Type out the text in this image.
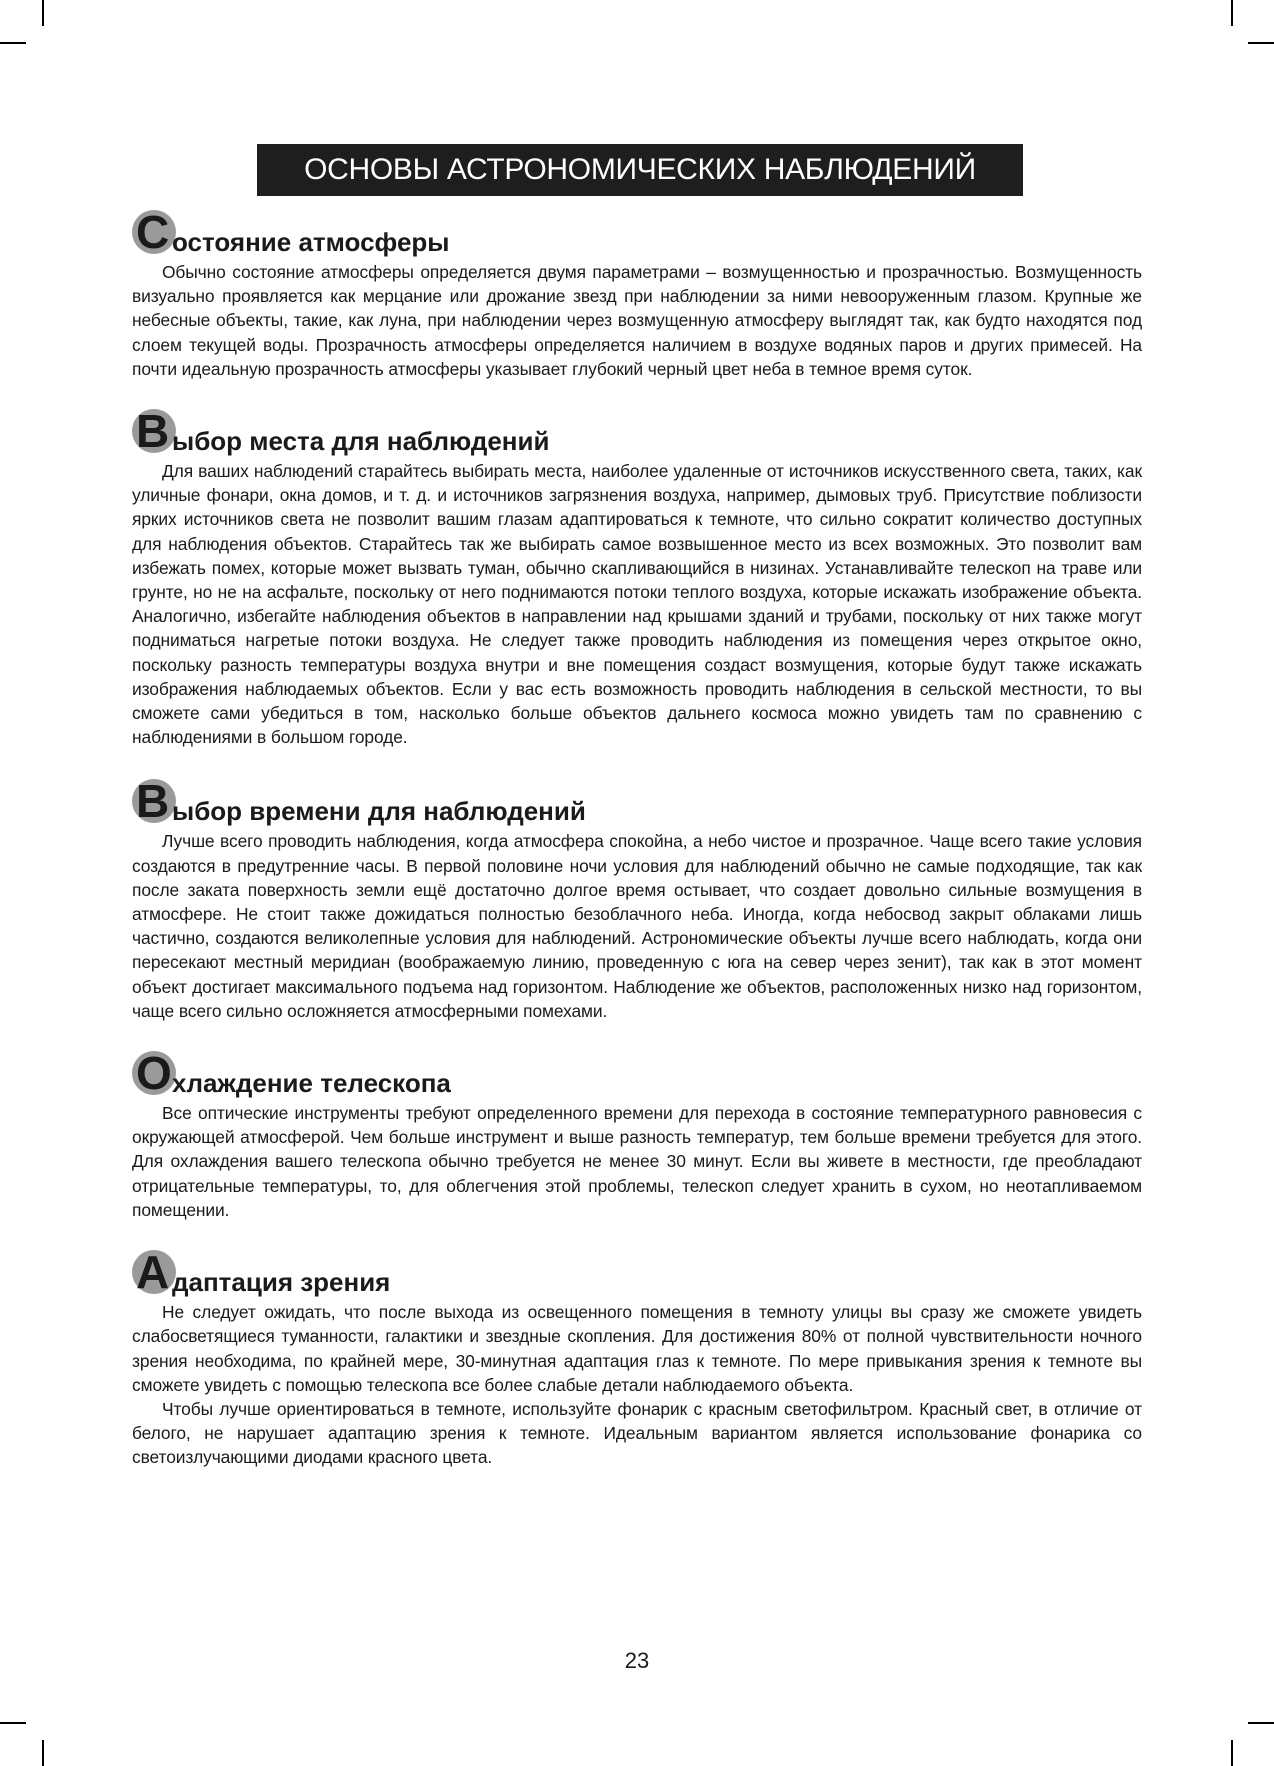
ОСНОВЫ АСТРОНОМИЧЕСКИХ НАБЛЮДЕНИЙ
С остояние атмосферы

Обычно состояние атмосферы определяется двумя параметрами – возмущенностью и прозрачностью. Возмущенность визуально проявляется как мерцание или дрожание звезд при наблюдении за ними невооруженным глазом. Крупные же небесные объекты, такие, как луна, при наблюдении через возмущенную атмосферу выглядят так, как будто находятся под слоем текущей воды. Прозрачность атмосферы определяется наличием в воздухе водяных паров и других примесей. На почти идеальную прозрачность атмосферы указывает глубокий черный цвет неба в темное время суток.

В ыбор места для наблюдений

Для ваших наблюдений старайтесь выбирать места, наиболее удаленные от источников искусственного света, таких, как уличные фонари, окна домов, и т. д. и источников загрязнения воздуха, например, дымовых труб. Присутствие поблизости ярких источников света не позволит вашим глазам адаптироваться к темноте, что сильно сократит количество доступных для наблюдения объектов. Старайтесь так же выбирать самое возвышенное место из всех возможных. Это позволит вам избежать помех, которые может вызвать туман, обычно скапливающийся в низинах. Устанавливайте телескоп на траве или грунте, но не на асфальте, поскольку от него поднимаются потоки теплого воздуха, которые искажать изображение объекта. Аналогично, избегайте наблюдения объектов в направлении над крышами зданий и трубами, поскольку от них также могут подниматься нагретые потоки воздуха. Не следует также проводить наблюдения из помещения через открытое окно, поскольку разность температуры воздуха внутри и вне помещения создаст возмущения, которые будут также искажать изображения наблюдаемых объектов. Если у вас есть возможность проводить наблюдения в сельской местности, то вы сможете сами убедиться в том, насколько больше объектов дальнего космоса можно увидеть там по сравнению с наблюдениями в большом городе.

В ыбор времени для наблюдений

Лучше всего проводить наблюдения, когда атмосфера спокойна, а небо чистое и прозрачное. Чаще всего такие условия создаются в предутренние часы. В первой половине ночи условия для наблюдений обычно не самые подходящие, так как после заката поверхность земли ещё достаточно долгое время остывает, что создает довольно сильные возмущения в атмосфере. Не стоит также дожидаться полностью безоблачного неба. Иногда, когда небосвод закрыт облаками лишь частично, создаются великолепные условия для наблюдений. Астрономические объекты лучше всего наблюдать, когда они пересекают местный меридиан (воображаемую линию, проведенную с юга на север через зенит), так как в этот момент объект достигает максимального подъема над горизонтом. Наблюдение же объектов, расположенных низко над горизонтом, чаще всего сильно осложняется атмосферными помехами.

О хлаждение телескопа

Все оптические инструменты требуют определенного времени для перехода в состояние температурного равновесия с окружающей атмосферой. Чем больше инструмент и выше разность температур, тем больше времени требуется для этого. Для охлаждения вашего телескопа обычно требуется не менее 30 минут. Если вы живете в местности, где преобладают отрицательные температуры, то, для облегчения этой проблемы, телескоп следует хранить в сухом, но неотапливаемом помещении.

А даптация зрения

Не следует ожидать, что после выхода из освещенного помещения в темноту улицы вы сразу же сможете увидеть слабосветящиеся туманности, галактики и звездные скопления. Для достижения 80% от полной чувствительности ночного зрения необходима, по крайней мере, 30-минутная адаптация глаз к темноте. По мере привыкания зрения к темноте вы сможете увидеть с помощью телескопа все более слабые детали наблюдаемого объекта.

Чтобы лучше ориентироваться в темноте, используйте фонарик с красным светофильтром. Красный свет, в отличие от белого, не нарушает адаптацию зрения к темноте. Идеальным вариантом является использование фонарика со светоизлучающими диодами красного цвета.

23
